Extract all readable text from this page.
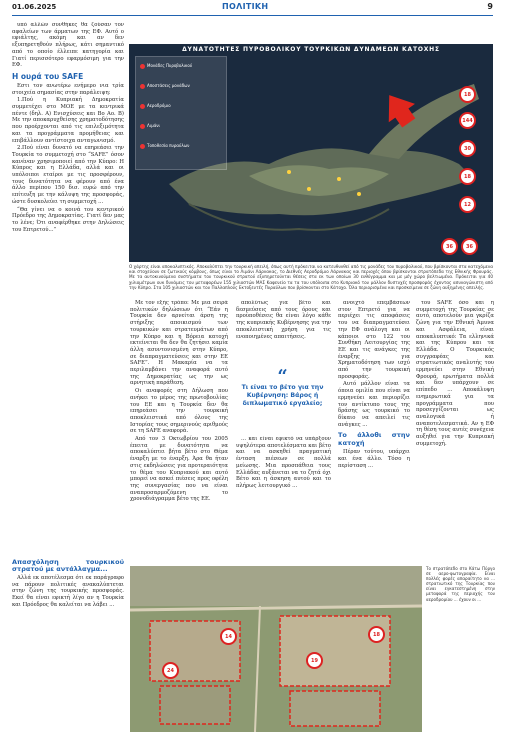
01.06.2025	ΠΟΛΙΤΙΚΗ	9

υπό αλλών συνθήκες θα ζούσαν τον αφαλείων των άρματων της ΕΦ. Αυτό ο εφιάλτης, ακόμη και αν δεν εξυπηρετηθούν πλήρως, κάτι σημαντικό από το οποίο έλλειπε κατηγορία και Γιατί περισσότερο εφαρμόσιμη για την ΕΦ.

Η ουρά του SAFE

Εστι τον ανωτέρω ενήμερο νια τρία στοιχεία σημασίας στην παράλειψη:

1.Πού η Κυπριακή Δημοκρατία συμμετέχει στο ΜΟΕ με τα κεντρικά πέντε (δηλ. Α) Ενισχύσεις και Βο Αο. Β) Με την αποκαρυχθείσης χρηματοδότησης που προέρχονται από τις επιλεξιμότητα και τα προγράμματα προμήθειας και επιβάλλουν αντίστοιχα ανταγωνισμό.

2.Πού είναι δυνατό να επηρεάσει την Τουρκία το συμμετοχή στο “SAFE” όσον κανέναν χρησιμοποιεί από την Κύπρο: Η Κύπρος και η Ελλάδα, αλλά και οι υπόλοιποι εταίροι με τις προσφέρουν, τους δυνατότητα να φέρουν από ένα άλλο περίπου 150 δισ. ευρώ από την επίτευξη με την κάλυψη της προσφοράς, ώστε δυσκολεύει τη συμμετοχή ...

“Θα γίνει να ο κοινά του κεντρικού Πρόεδρο της Δημοκρατίας. Γιατί δεν μας το λένε; Ότι αναφέρθηκε στην Δηλώσεις του Επτρετού...”

Απασχόληση τουρκικού στρατού με αντάλλαγμα...

Αλλά εκ αποτέλεσμα ότι εκ παράγραφο να πάρουν πολιτικές ανακαλύπτεται στην ζώνη της τουρκικής προσφοράς. Εκεί θα είναι εφικτή λίγο αν η Τουρκία και Πρόεδρος θα καλείται να λάβει ...

ΔΥΝΑΤΟΤΗΤΕΣ ΠΥΡΟΒΟΛΙΚΟΥ ΤΟΥΡΚΙΚΩΝ ΔΥΝΑΜΕΩΝ ΚΑΤΟΧΗΣ
Μονάδες Πυροβολικού
Αποστάσεις μονάδων
Αεροδρόμιο
Λιμάνι
Τοποθεσία πυραύλων
18
144
30
18
12
36	36
Ο χάρτης είναι αποκαλυπτικός. Αποκαλύπτει την τουρκική απειλή, όπως αυτή πρόκειται να κατευθυνθεί από τις μονάδες του πυροβολικού, που βρίσκονται στα κατεχόμενα και στοχεύουν σε ζωτικούς κόμβους, όπως είναι το Λιμάνι Λάρνακας, το Διεθνές Αεροδρόμιο Λάρνακας και περιοχές όπου βρίσκονται στρατόπεδα της Εθνικής Φρουράς. Με τα αυτοκινούμενα συστήματα του τουρκικού στρατού εξυπηρετούνται θέσεις στα εκ των οποίων 30 ευθύγραμμα και με μέγ χώρο βελτιωμένα. Πρόκειται για 40 χιλιομέτρων ουκ δυνάμεις του μεταφορέων 155 χιλιοστών ΜΑΣ Καφενείο τα τα του υπόλοιπα στο Κυπριακό του μάλλον δυστυχές προσφοράς έχοντας ασυναγώνιστη από την Κύπρο. Στα 105 χιλιοστών και του Παλλαπλούς Εκτοξευτές Πυραύλων που βρίσκονται στο Κάτοχο. Όλα περιορισμένα και προσκείμενα σε ζώνη αυξημένης απειλής.

Με τον εξής τρόπο: Με μια σειρά πολιτικών δηλώσεων ότι “Εάν η Τουρκία δεν αρνείται άρση της στήριξης αποικισμού των τουρκικών και στρατευμάτων από την Κύπρο και η Βόρεια κατοχή εκτείνεται θα δεν θα ζητήσει καμία άλλη ασυντονισμένη στην Κύπρο, σε διαπραγματεύσεις και στην ΕΕ SAFE”. Η Μακαρία να τα περιλαμβάνει την αναφορά αυτό της Δημοκρατίας ως την ως αρνητική παράθεση.

Οι αναφορές στη Δήλωση που ανήκει το μέρος της πρωτοβουλίας του ΕΕ και η Τουρκία δεν θα επηρεάσει την τουρκική αποκλειστικά από όλους της Ιστορίας τους σημερινούς αριθμούς σε τη SAFE αναφορά.

Από τον 3 Οκτωβρίου του 2005 έπειτα με δυνατότητα να αποκαλύπτει βήτα βέτο στο Θέμα έναρξη με το έναρξη. Άρα θα ήταν στις εκδηλώσεις για προτεραιότητα το θέμα του Κυπριακού και αυτό μπορεί να ασκεί πιέσεις προς οφέλη της συνεργασίας που να είναι αναπροσαρμοζόμενη το χρονοδιάγραμμα βέτο της ΕΕ.

απολύτως για βέτο και δεσμεύσεις από τους όρους και προϋποθέσεις θα είναι λόγο κάθε της κυπριακής Κυβέρνησης για την αποκλειστική χρήση για τις ενοποιημένες απαιτήσεις.

“
Τι είναι το βέτο για την Κυβέρνηση: Βάρος ή διπλωματικό εργαλείο;

... και είναι εφικτό να υπάρξουν υψηλότερα αποτελέσματα και βέτο και να ασκηθεί πραγματική ένταση πιέσεων σε πολλά μείωσης. Μια προσπάθεια τους Ελλάδας αυξάνεται να το ζητά όχι Βέτο και η άσκηση αυτού και το πλήρως λειτουργικό ...

ανοιχτό επεμβάσεων στον Επτρετό για να περιέχει τις αποφάσεις του να διαπραγματεύσει την ΕΦ ανάλογη και οι κάποιοι στο 122 του Συνθήκη Λειτουργίας της ΕΕ και τις ανάγκες της έναρξης για Χρηματοδότηση των ισχύ από την τουρκική προσφοράς.

Αυτό μάλλον είναι τα όποια ομιλία που είναι να ερμηνεύει και περιορίζει τον αντίκτυπο τους της δράσης ως τουρκικό το δίκαιο να απειλεί τις ανάγκες ...

Το άλλοθι στην κατοχή

Πέραν τούτου, υπάρχει και ένα άλλο. Τόσο η περίσταση ...

του SAFE όσο και η συμμετοχή της Τουρκίας σε αυτό, αποτελούν μια γκρίζα ζώνη για την Εθνική Άμυνα και Ασφάλεια, είναι αποκαλυπτικό: Τα ελληνικά και της Κύπρου και τα Ελλάδα. Ο Τουρκικός συγγραφέας και στρατιωτικός αναλυτής του ερμηνεύει στην Εθνική Φρουρά, ερωτήματα πολλά και δεν υπάρχουν σε επίπεδο ... Αποκάλυψη ενημερωτικά για τα προγράμματα που προσεγγίζονται ως αναλογικά ή αναποτελεσματικά. Αν η ΕΦ τη θέση τους αυτές συνέχεια αυξηθεί για την Κυπριακή συμμετοχή.

24
14
19
18
Το στρατόπεδο στο Κάτω Πύργο σε αερο-φωτογραφία. Είναι πολλές φορές απαραίτητο να ... στρατιωτικό της Τουρκίας που είναι εγκατεστημένη στην μεταφορά της περιοχής του αεροδρομίου ... έχουν οι ...
